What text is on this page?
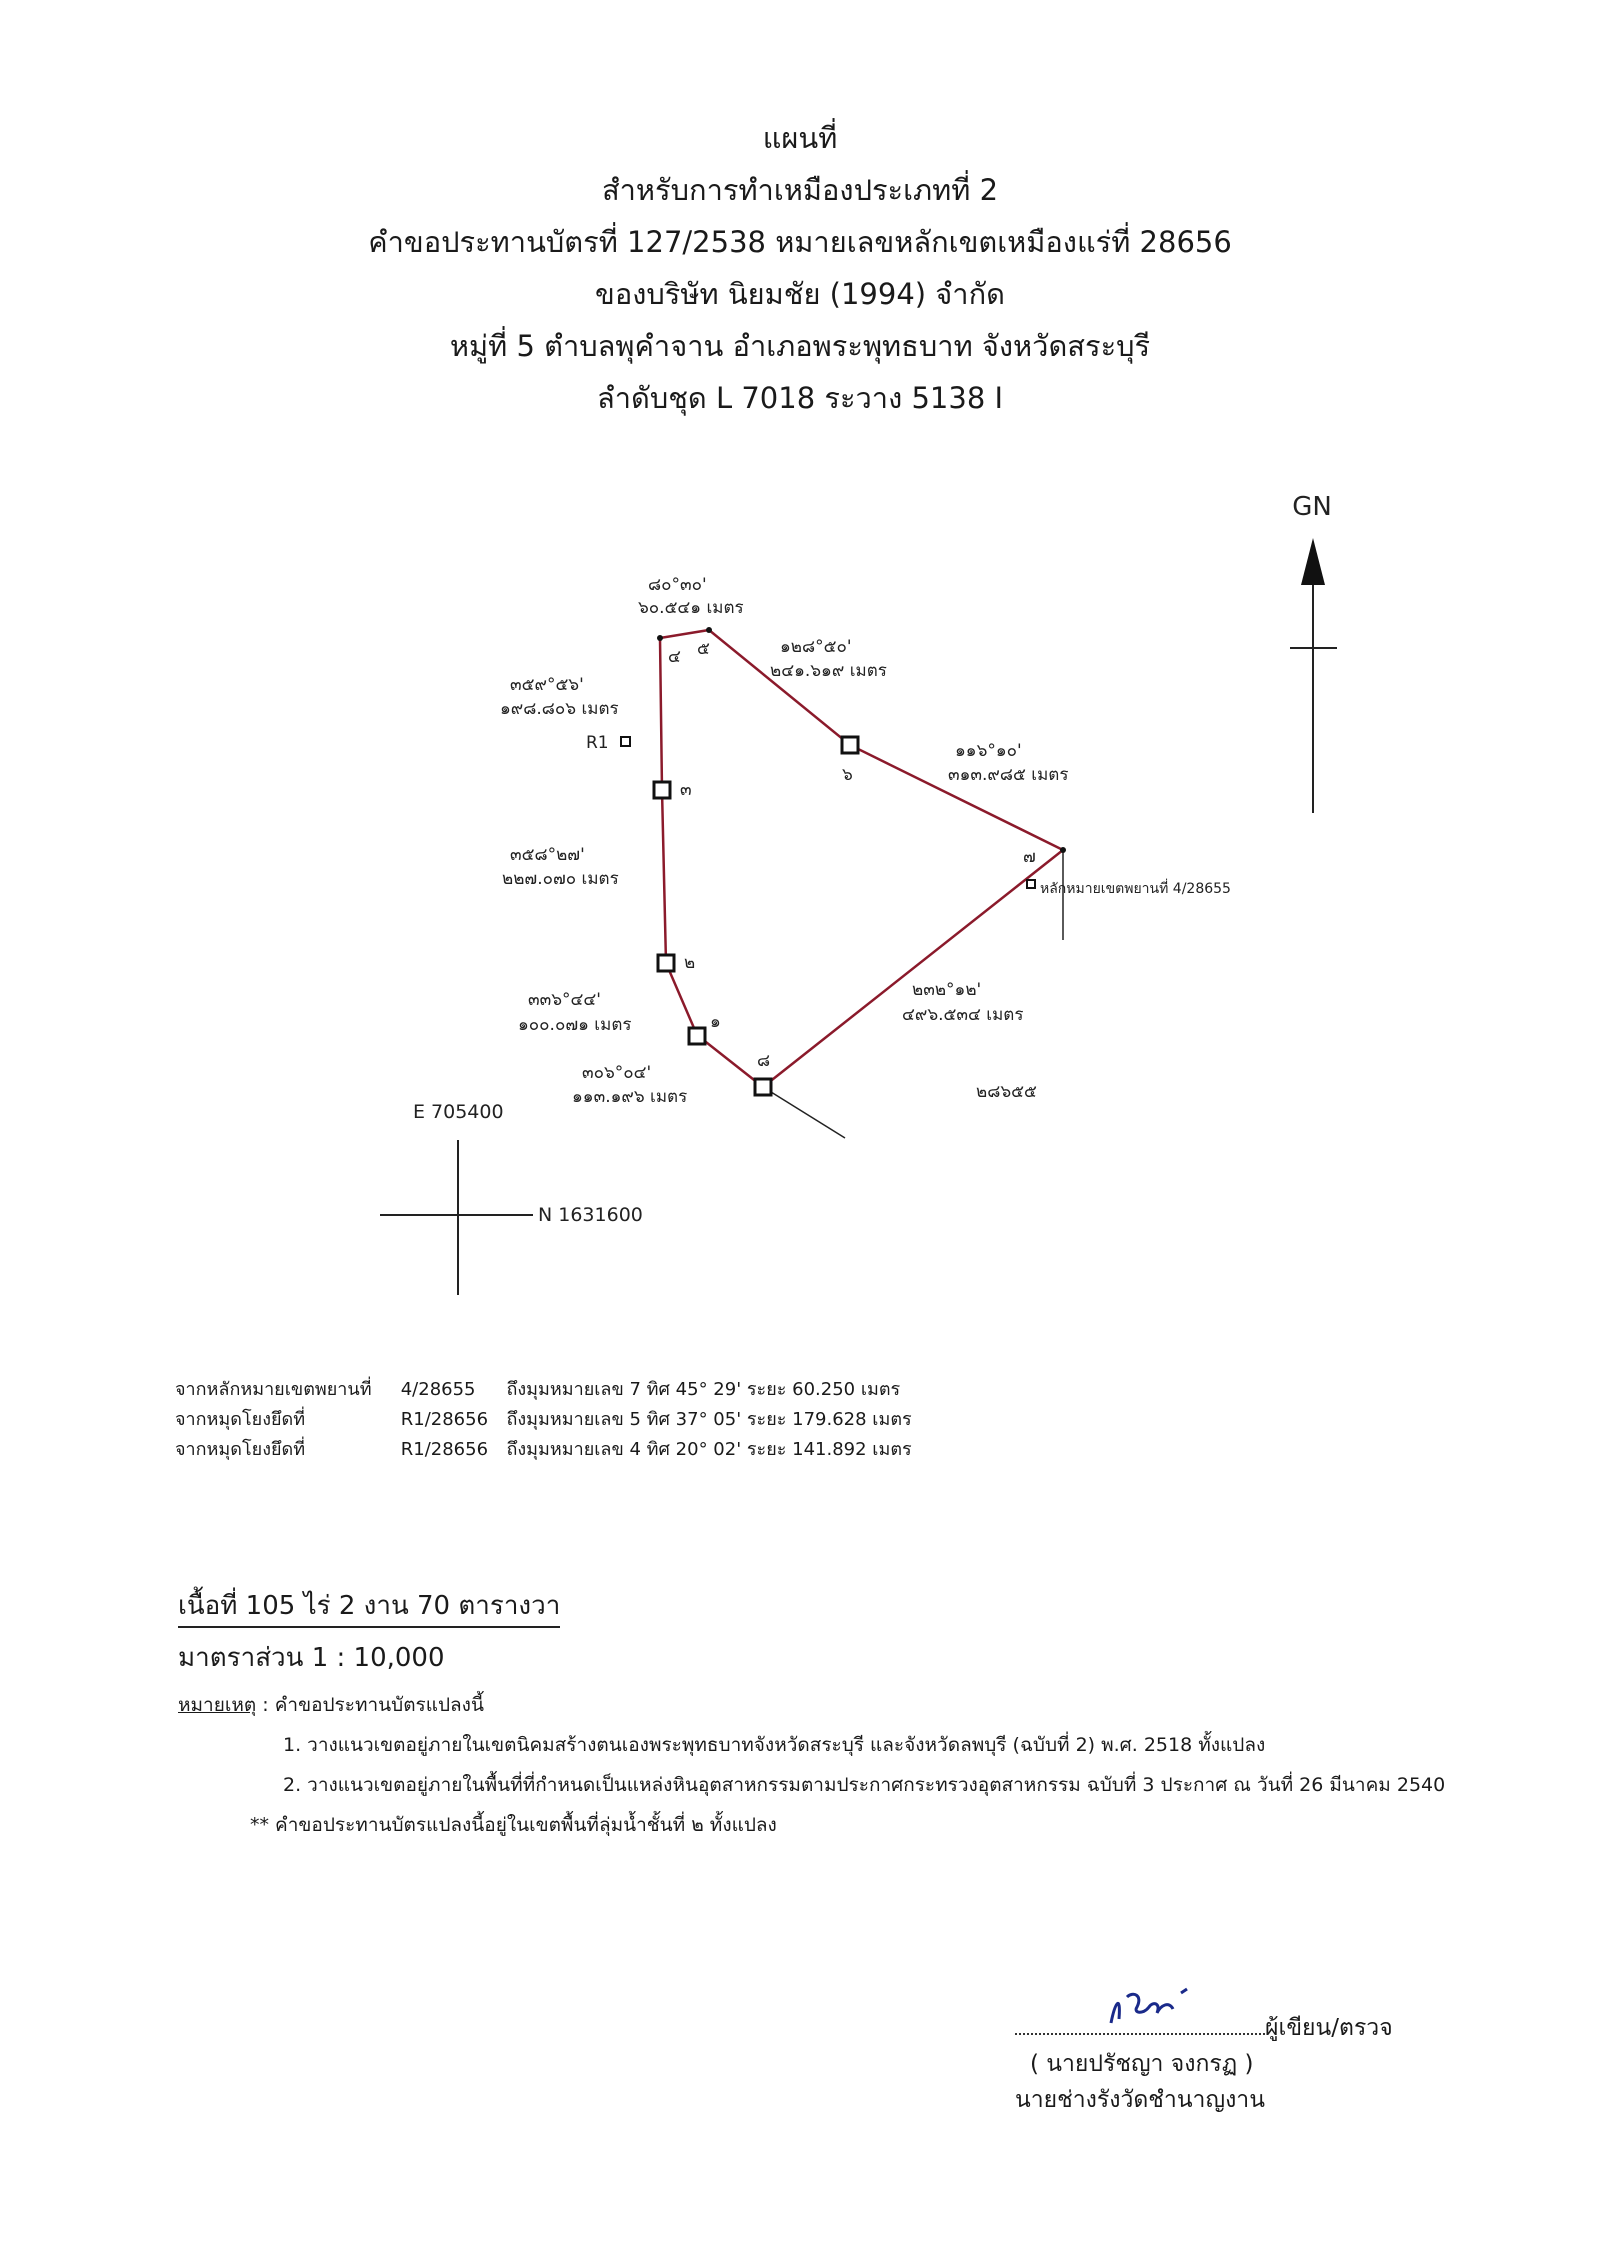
แผนที่
สำหรับการทำเหมืองประเภทที่ 2
คำขอประทานบัตรที่ 127/2538 หมายเลขหลักเขตเหมืองแร่ที่ 28656
ของบริษัท นิยมชัย (1994) จำกัด
หมู่ที่ 5 ตำบลพุคำจาน อำเภอพระพุทธบาท จังหวัดสระบุรี
ลำดับชุด L 7018 ระวาง 5138 I
GN
R1
หลักหมายเขตพยาน​ที่ 4/28655
๑
๒
๓
๔ ๕
๖
๗
๘
๘๐°๓๐'
๖๐.๕๔๑ เมตร
๑๒๘°๕๐'
๒๔๑.๖๑๙ เมตร
๑๑๖°๑๐'
๓๑๓.๙๘๕ เมตร
๒๓๒°๑๒'
๔๙๖.๕๓๔ เมตร
๓๐๖°๐๔'
๑๑๓.๑๙๖ เมตร
๓๓๖°๔๔'
๑๐๐.๐๗๑ เมตร
๓๕๘°๒๗'
๒๒๗.๐๗๐ เมตร
๓๕๙°๕๖'
๑๙๘.๘๐๖ เมตร
๒๘๖๕๕
E 705400
N 1631600
จากหลักหมายเขตพยานที่ 4/28655 ถึงมุมหมายเลข 7 ทิศ 45° 29' ระยะ 60.250 เมตร
จากหมุดโยงยึดที่	R1/28656 ถึงมุมหมายเลข 5 ทิศ 37° 05' ระยะ 179.628 เมตร
จากหมุดโยงยึดที่	R1/28656 ถึงมุมหมายเลข 4 ทิศ 20° 02' ระยะ 141.892 เมตร
เนื้อที่ 105 ไร่ 2 งาน 70 ตารางวา
มาตราส่วน 1 : 10,000
หมายเหตุ : คำขอประทานบัตรแปลงนี้
1. วางแนวเขตอยู่ภายในเขตนิคมสร้างตนเองพระพุทธบาทจังหวัดสระบุรี และจังหวัดลพบุรี (ฉบับที่ 2) พ.ศ. 2518 ทั้งแปลง
2. วางแนวเขตอยู่ภายในพื้นที่ที่กำหนดเป็นแหล่งหินอุตสาหกรรมตามประกาศกระทรวงอุตสาหกรรม ฉบับที่ 3 ประกาศ ณ วันที่ 26 มีนาคม 2540
** คำขอประทานบัตรแปลงนี้อยู่ในเขตพื้นที่ลุ่มน้ำชั้นที่ ๒ ทั้งแปลง
ผู้เขียน/ตรวจ
( นายปรัชญา จงกรฏ )
นายช่างรังวัดชำนาญงาน
